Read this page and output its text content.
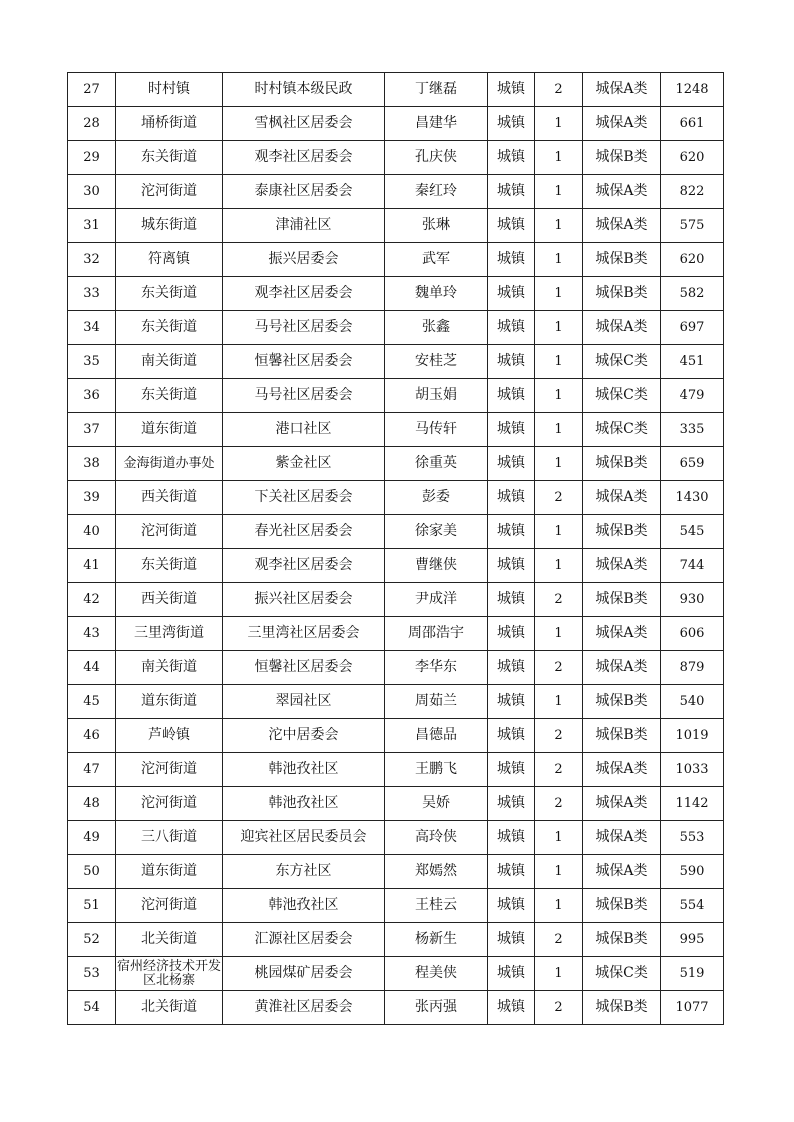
27	时村镇	时村镇本级民政	丁继磊	城镇	2	城保A类	1248
28	埇桥街道	雪枫社区居委会	昌建华	城镇	1	城保A类	661
29	东关街道	观李社区居委会	孔庆侠	城镇	1	城保B类	620
30	沱河街道	泰康社区居委会	秦红玲	城镇	1	城保A类	822
31	城东街道	津浦社区	张琳	城镇	1	城保A类	575
32	符离镇	振兴居委会	武军	城镇	1	城保B类	620
33	东关街道	观李社区居委会	魏单玲	城镇	1	城保B类	582
34	东关街道	马号社区居委会	张鑫	城镇	1	城保A类	697
35	南关街道	恒馨社区居委会	安桂芝	城镇	1	城保C类	451
36	东关街道	马号社区居委会	胡玉娟	城镇	1	城保C类	479
37	道东街道	港口社区	马传轩	城镇	1	城保C类	335
38	金海街道办事处	紫金社区	徐重英	城镇	1	城保B类	659
39	西关街道	下关社区居委会	彭委	城镇	2	城保A类	1430
40	沱河街道	春光社区居委会	徐家美	城镇	1	城保B类	545
41	东关街道	观李社区居委会	曹继侠	城镇	1	城保A类	744
42	西关街道	振兴社区居委会	尹成洋	城镇	2	城保B类	930
43	三里湾街道	三里湾社区居委会	周邵浩宇	城镇	1	城保A类	606
44	南关街道	恒馨社区居委会	李华东	城镇	2	城保A类	879
45	道东街道	翠园社区	周茹兰	城镇	1	城保B类	540
46	芦岭镇	沱中居委会	昌德品	城镇	2	城保B类	1019
47	沱河街道	韩池孜社区	王鹏飞	城镇	2	城保A类	1033
48	沱河街道	韩池孜社区	吴娇	城镇	2	城保A类	1142
49	三八街道	迎宾社区居民委员会	高玲侠	城镇	1	城保A类	553
50	道东街道	东方社区	郑嫣然	城镇	1	城保A类	590
51	沱河街道	韩池孜社区	王桂云	城镇	1	城保B类	554
52	北关街道	汇源社区居委会	杨新生	城镇	2	城保B类	995
53	宿州经济技术开发区北杨寨	桃园煤矿居委会	程美侠	城镇	1	城保C类	519
54	北关街道	黄淮社区居委会	张丙强	城镇	2	城保B类	1077
